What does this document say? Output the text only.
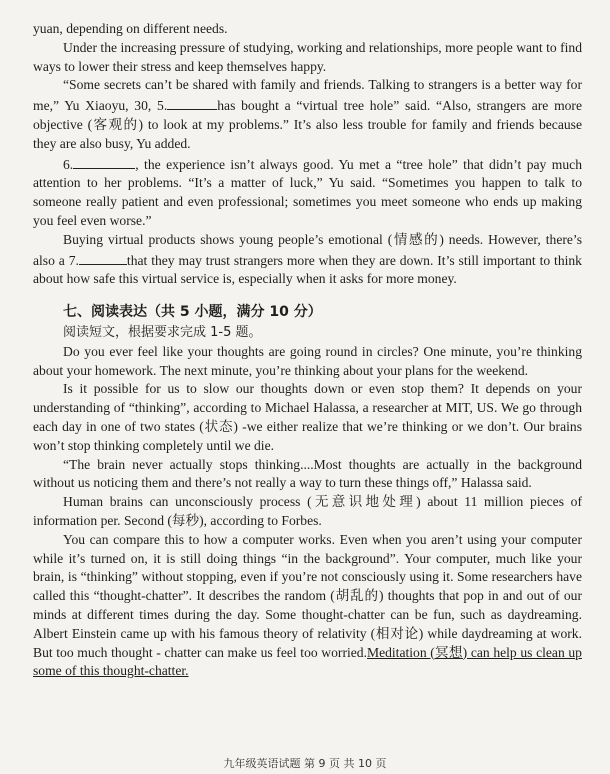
yuan, depending on different needs.

Under the increasing pressure of studying, working and relationships, more people want to find ways to lower their stress and keep themselves happy.

“Some secrets can’t be shared with family and friends. Talking to strangers is a better way for me,” Yu Xiaoyu, 30, 5.	has bought a “virtual tree hole” said. “Also, strangers are more objective (客观的) to look at my problems.” It’s also less trouble for family and friends because they are also busy, Yu added.

6.	, the experience isn’t always good. Yu met a “tree hole” that didn’t pay much attention to her problems. “It’s a matter of luck,” Yu said. “Sometimes you happen to talk to someone really patient and even professional; sometimes you meet someone who ends up making you feel even worse.”

Buying virtual products shows young people’s emotional (情感的) needs. However, there’s also a 7.	that they may trust strangers more when they are down. It’s still important to think about how safe this virtual service is, especially when it asks for more money.

七、阅读表达（共 5 小题，满分 10 分）
阅读短文，根据要求完成 1-5 题。

Do you ever feel like your thoughts are going round in circles? One minute, you’re thinking about your homework. The next minute, you’re thinking about your plans for the weekend.

Is it possible for us to slow our thoughts down or even stop them? It depends on your understanding of “thinking”, according to Michael Halassa, a researcher at MIT, US. We go through each day in one of two states (状态) -we either realize that we’re thinking or we don’t. Our brains won’t stop thinking completely until we die.

“The brain never actually stops thinking....Most thoughts are actually in the background without us noticing them and there’s not really a way to turn these things off,” Halassa said.

Human brains can unconsciously process (无意识地处理) about 11 million pieces of information per. Second (每秒), according to Forbes.

You can compare this to how a computer works. Even when you aren’t using your computer while it’s turned on, it is still doing things “in the background”. Your computer, much like your brain, is “thinking” without stopping, even if you’re not consciously using it. Some researchers have called this “thought-chatter”. It describes the random (胡乱的) thoughts that pop in and out of our minds at different times during the day. Some thought-chatter can be fun, such as daydreaming. Albert Einstein came up with his famous theory of relativity (相对论) while daydreaming at work. But too much thought - chatter can make us feel too worried.Meditation (冥想) can help us clean up some of this thought-chatter.

九年级英语试题 第 9 页 共 10 页
